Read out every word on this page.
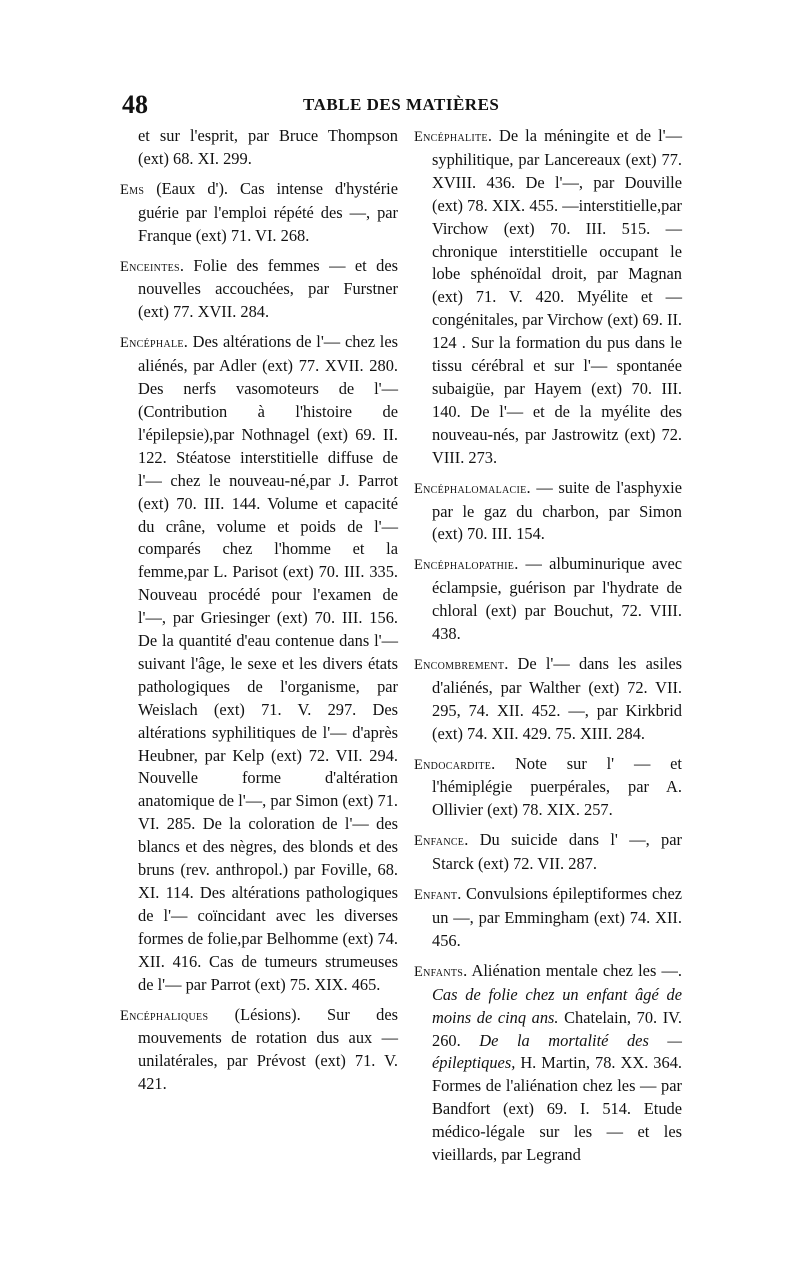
48	TABLE DES MATIÈRES

et sur l'esprit, par Bruce Thompson (ext) 68. XI. 299.

Ems (Eaux d'). Cas intense d'hystérie guérie par l'emploi répété des —, par Franque (ext) 71. VI. 268.

Enceintes. Folie des femmes — et des nouvelles accouchées, par Furstner (ext) 77. XVII. 284.

Encéphale. Des altérations de l'— chez les aliénés, par Adler (ext) 77. XVII. 280. Des nerfs vasomoteurs de l'— (Contribution à l'histoire de l'épilepsie),par Nothnagel (ext) 69. II. 122. Stéatose interstitielle diffuse de l'— chez le nouveau-né,par J. Parrot (ext) 70. III. 144. Volume et capacité du crâne, volume et poids de l'— comparés chez l'homme et la femme,par L. Parisot (ext) 70. III. 335. Nouveau procédé pour l'examen de l'—, par Griesinger (ext) 70. III. 156. De la quantité d'eau contenue dans l'— suivant l'âge, le sexe et les divers états pathologiques de l'organisme, par Weislach (ext) 71. V. 297. Des altérations syphilitiques de l'— d'après Heubner, par Kelp (ext) 72. VII. 294. Nouvelle forme d'altération anatomique de l'—, par Simon (ext) 71. VI. 285. De la coloration de l'— des blancs et des nègres, des blonds et des bruns (rev. anthropol.) par Foville, 68. XI. 114. Des altérations pathologiques de l'— coïncidant avec les diverses formes de folie,par Belhomme (ext) 74. XII. 416. Cas de tumeurs strumeuses de l'— par Parrot (ext) 75. XIX. 465.

Encéphaliques (Lésions). Sur des mouvements de rotation dus aux — unilatérales, par Prévost (ext) 71. V. 421.

Encéphalite. De la méningite et de l'— syphilitique, par Lancereaux (ext) 77. XVIII. 436. De l'—, par Douville (ext) 78. XIX. 455. —interstitielle,par Virchow (ext) 70. III. 515. — chronique interstitielle occupant le lobe sphénoïdal droit, par Magnan (ext) 71. V. 420. Myélite et — congénitales, par Virchow (ext) 69. II. 124 . Sur la formation du pus dans le tissu cérébral et sur l'— spontanée subaigüe, par Hayem (ext) 70. III. 140. De l'— et de la myélite des nouveau-nés, par Jastrowitz (ext) 72. VIII. 273.

Encéphalomalacie. — suite de l'asphyxie par le gaz du charbon, par Simon (ext) 70. III. 154.

Encéphalopathie. — albuminurique avec éclampsie, guérison par l'hydrate de chloral (ext) par Bouchut, 72. VIII. 438.

Encombrement. De l'— dans les asiles d'aliénés, par Walther (ext) 72. VII. 295, 74. XII. 452. —, par Kirkbrid (ext) 74. XII. 429. 75. XIII. 284.

Endocardite. Note sur l' — et l'hémiplégie puerpérales, par A. Ollivier (ext) 78. XIX. 257.

Enfance. Du suicide dans l' —, par Starck (ext) 72. VII. 287.

Enfant. Convulsions épileptiformes chez un —, par Emmingham (ext) 74. XII. 456.

Enfants. Aliénation mentale chez les —. Cas de folie chez un enfant âgé de moins de cinq ans. Chatelain, 70. IV. 260. De la mortalité des — épileptiques, H. Martin, 78. XX. 364. Formes de l'aliénation chez les — par Bandfort (ext) 69. I. 514. Etude médico-légale sur les — et les vieillards, par Legrand
